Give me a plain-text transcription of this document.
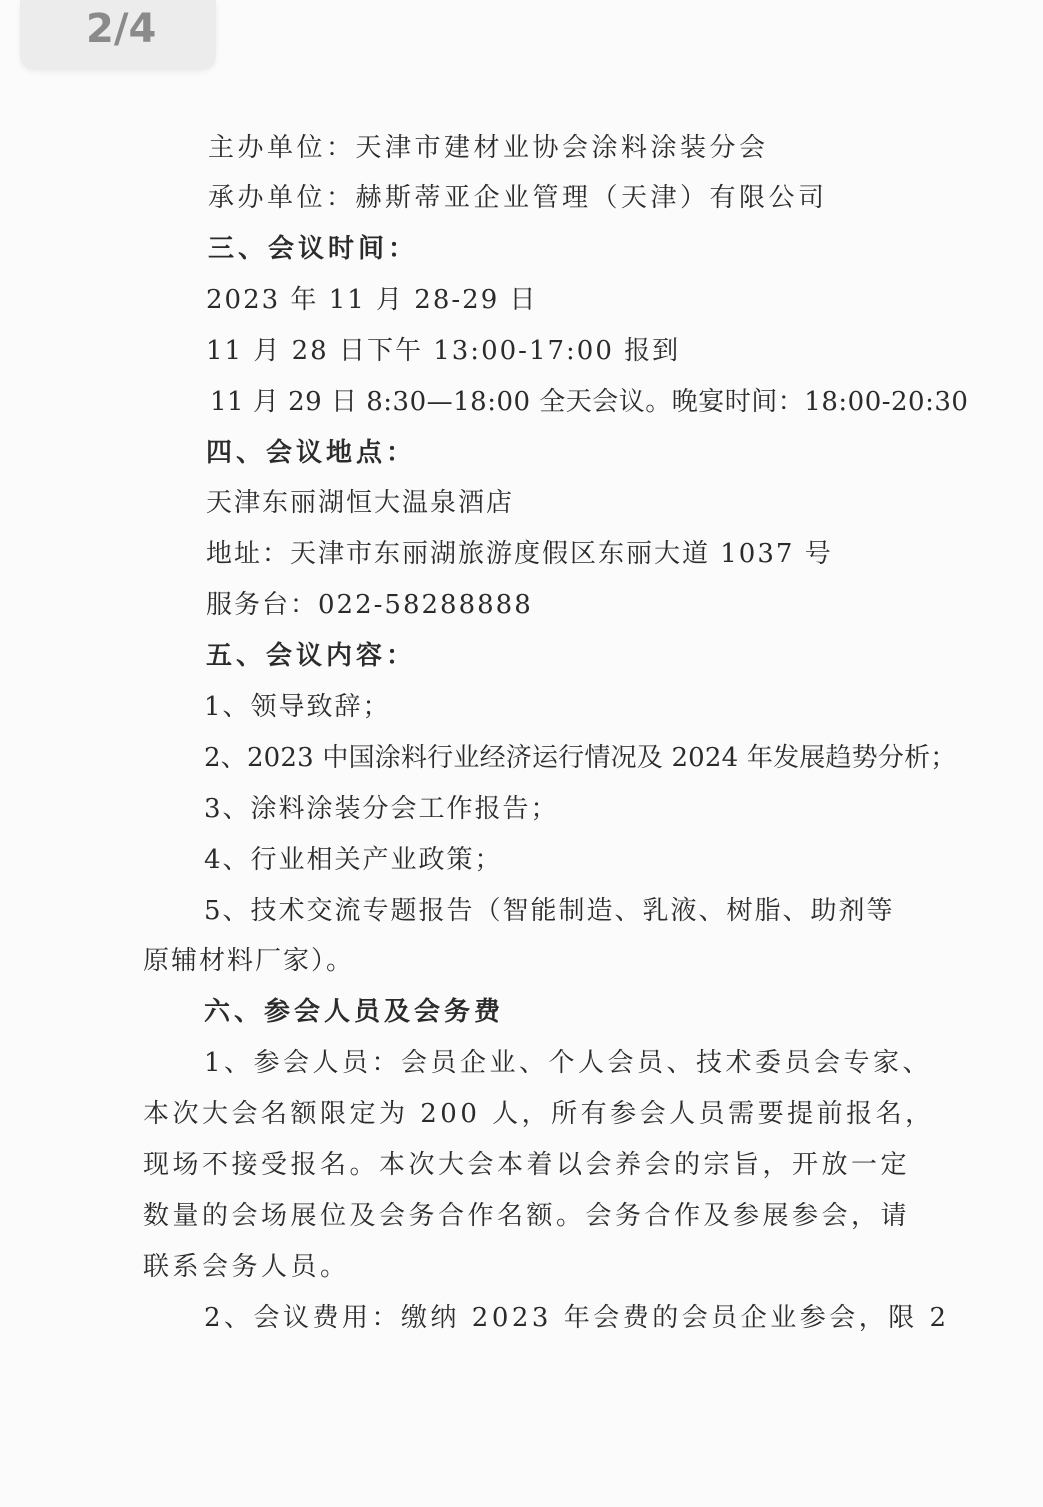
2/4
主办单位：天津市建材业协会涂料涂装分会
承办单位：赫斯蒂亚企业管理（天津）有限公司
三、会议时间：
2023 年 11 月 28-29 日
11 月 28 日下午 13:00-17:00 报到
11 月 29 日 8:30—18:00 全天会议。晚宴时间：18:00-20:30
四、会议地点：
天津东丽湖恒大温泉酒店
地址：天津市东丽湖旅游度假区东丽大道 1037 号
服务台：022-58288888
五、会议内容：
1、领导致辞；
2、2023 中国涂料行业经济运行情况及 2024 年发展趋势分析；
3、涂料涂装分会工作报告；
4、行业相关产业政策；
5、技术交流专题报告（智能制造、乳液、树脂、助剂等
原辅材料厂家）。
六、参会人员及会务费
1、参会人员：会员企业、个人会员、技术委员会专家、
本次大会名额限定为 200 人，所有参会人员需要提前报名，
现场不接受报名。本次大会本着以会养会的宗旨，开放一定
数量的会场展位及会务合作名额。会务合作及参展参会，请
联系会务人员。
2、会议费用：缴纳 2023 年会费的会员企业参会，限 2
